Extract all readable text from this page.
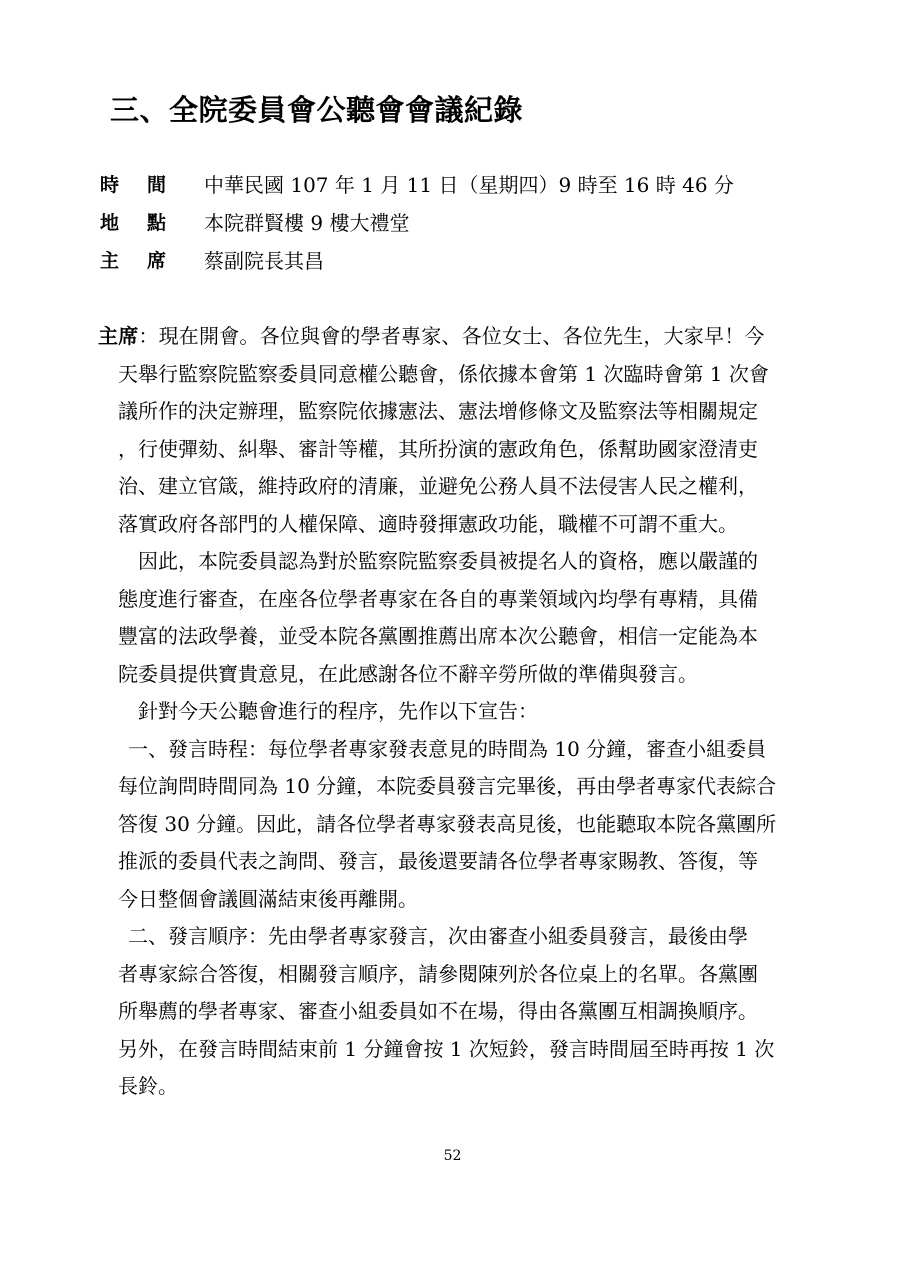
三、全院委員會公聽會會議紀錄
時 間 中華民國 107 年 1 月 11 日（星期四）9 時至 16 時 46 分
地 點 本院群賢樓 9 樓大禮堂
主 席 蔡副院長其昌
主席：現在開會。各位與會的學者專家、各位女士、各位先生，大家早！今
天舉行監察院監察委員同意權公聽會，係依據本會第 1 次臨時會第 1 次會
議所作的決定辦理，監察院依據憲法、憲法增修條文及監察法等相關規定
，行使彈劾、糾舉、審計等權，其所扮演的憲政角色，係幫助國家澄清吏
治、建立官箴，維持政府的清廉，並避免公務人員不法侵害人民之權利，
落實政府各部門的人權保障、適時發揮憲政功能，職權不可謂不重大。
因此，本院委員認為對於監察院監察委員被提名人的資格，應以嚴謹的
態度進行審查，在座各位學者專家在各自的專業領域內均學有專精，具備
豐富的法政學養，並受本院各黨團推薦出席本次公聽會，相信一定能為本
院委員提供寶貴意見，在此感謝各位不辭辛勞所做的準備與發言。
針對今天公聽會進行的程序，先作以下宣告：
一、發言時程：每位學者專家發表意見的時間為 10 分鐘，審查小組委員
每位詢問時間同為 10 分鐘，本院委員發言完畢後，再由學者專家代表綜合
答復 30 分鐘。因此，請各位學者專家發表高見後，也能聽取本院各黨團所
推派的委員代表之詢問、發言，最後還要請各位學者專家賜教、答復，等
今日整個會議圓滿結束後再離開。
二、發言順序：先由學者專家發言，次由審查小組委員發言，最後由學
者專家綜合答復，相關發言順序，請參閱陳列於各位桌上的名單。各黨團
所舉薦的學者專家、審查小組委員如不在場，得由各黨團互相調換順序。
另外，在發言時間結束前 1 分鐘會按 1 次短鈴，發言時間屆至時再按 1 次
長鈴。
52
